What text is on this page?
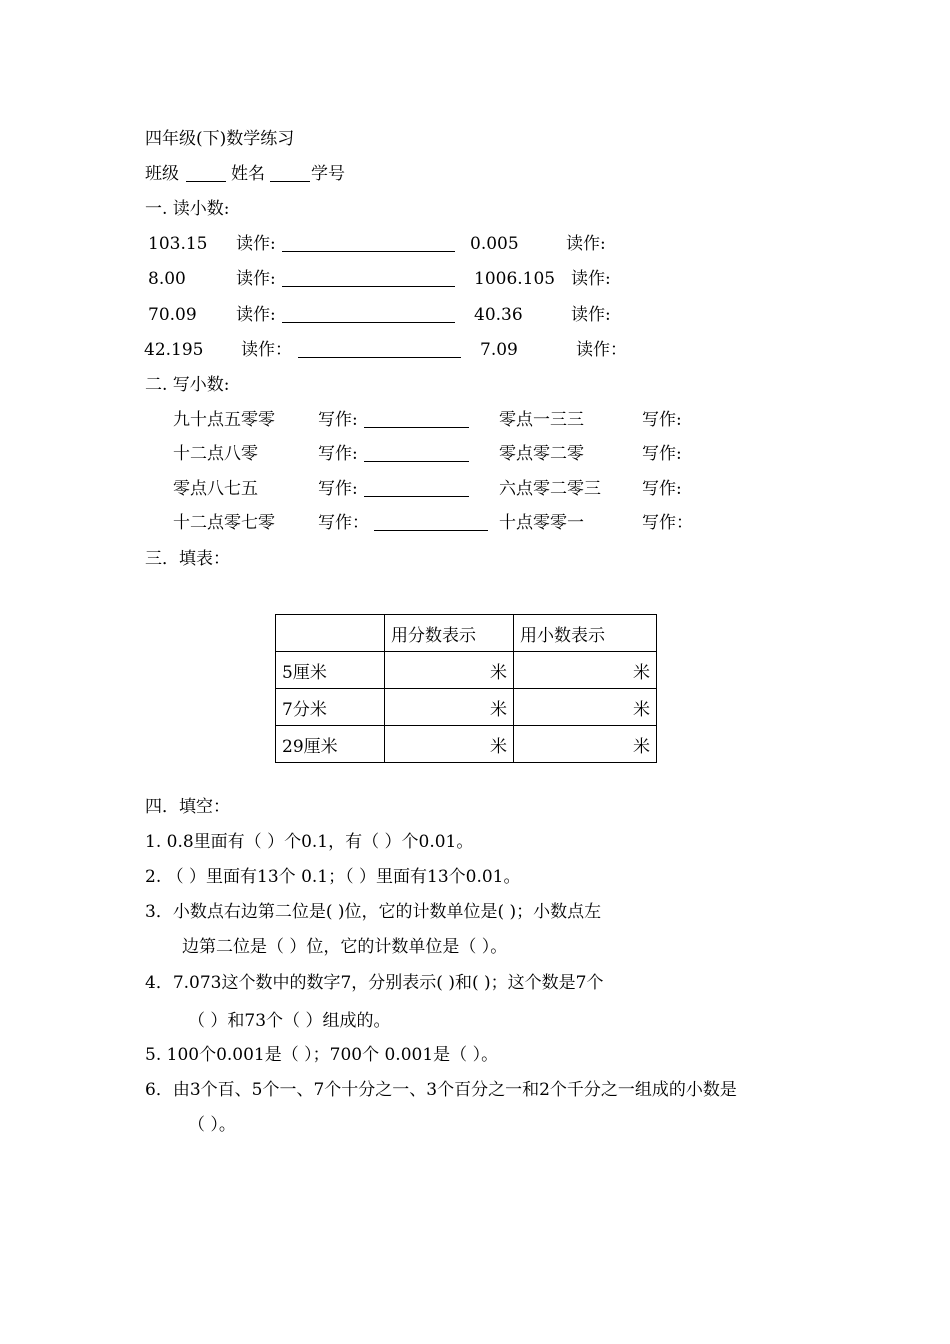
四年级(下)数学练习
班级	姓名	学号
一. 读小数:
103.15 读作:	0.005	读作:
8.00	读作:	1006.105 读作:
70.09 读作:	40.36	读作:
42.195 读作：	7.09	读作：
二. 写小数:
九十点五零零	写作:	零点一三三	写作:
十二点八零	写作:	零点零二零	写作:
零点八七五	写作:	六点零二零三 写作:
十二点零七零	写作：	十点零零一	写作：
三．填表：
	用分数表示	用小数表示
5厘米	米	米
7分米	米	米
29厘米	米	米
四．填空：
1. 0.8里面有（ ）个0.1，有（ ）个0.01。
2. （ ）里面有13个 0.1；（ ）里面有13个0.01。
3．小数点右边第二位是( )位，它的计数单位是( )；小数点左
边第二位是（ ）位，它的计数单位是（ ）。
4．7.073这个数中的数字7，分别表示( )和( )；这个数是7个
（ ）和73个（ ）组成的。
5. 100个0.001是（ ）；700个 0.001是（ ）。
6．由3个百、5个一、7个十分之一、3个百分之一和2个千分之一组成的小数是
（ ）。
